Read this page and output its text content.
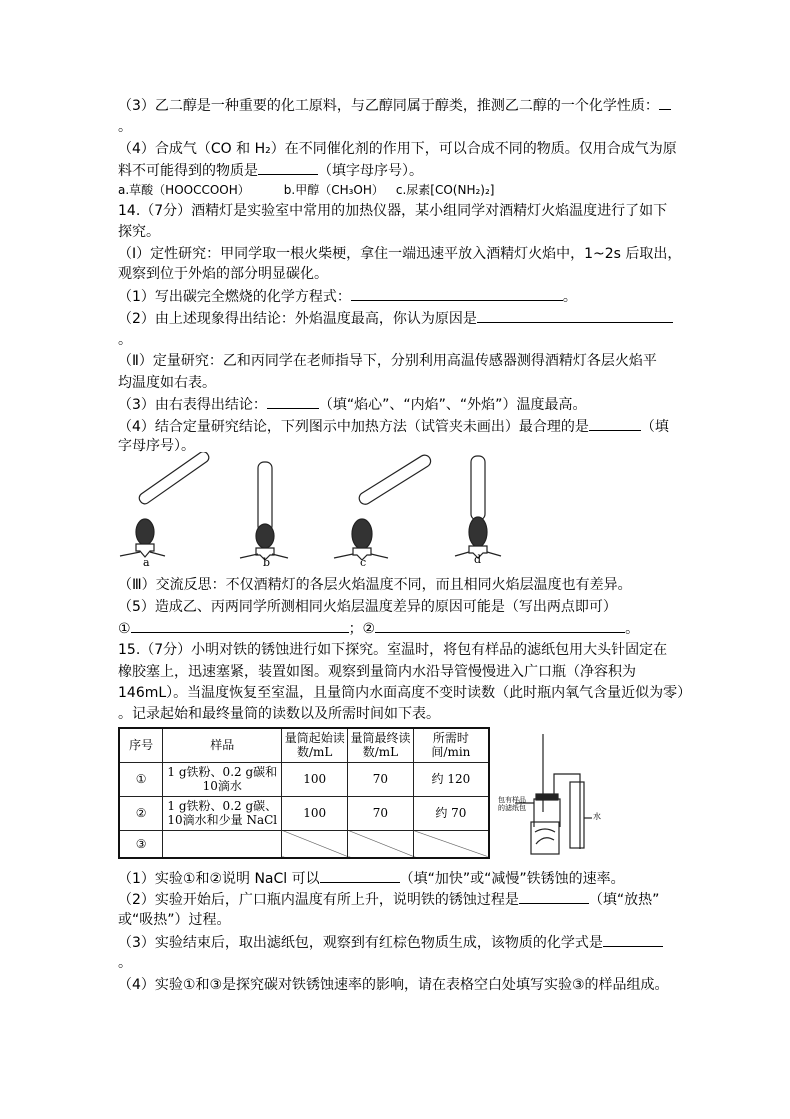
（3）乙二醇是一种重要的化工原料，与乙醇同属于醇类，推测乙二醇的一个化学性质：
。
（4）合成气（CO 和 H₂）在不同催化剂的作用下，可以合成不同的物质。仅用合成气为原
料不可能得到的物质是	（填字母序号）。
a.草酸（HOOCCOOH）	b.甲醇（CH₃OH） c.尿素[CO(NH₂)₂]
14.（7分）酒精灯是实验室中常用的加热仪器，某小组同学对酒精灯火焰温度进行了如下
探究。
（Ⅰ）定性研究：甲同学取一根火柴梗，拿住一端迅速平放入酒精灯火焰中，1~2s 后取出，
观察到位于外焰的部分明显碳化。
（1）写出碳完全燃烧的化学方程式：	。
（2）由上述现象得出结论：外焰温度最高，你认为原因是
。
（Ⅱ）定量研究：乙和丙同学在老师指导下，分别利用高温传感器测得酒精灯各层火焰平
均温度如右表。
（3）由右表得出结论：	（填“焰心”、“内焰”、“外焰”）温度最高。
（4）结合定量研究结论，下列图示中加热方法（试管夹未画出）最合理的是	（填
字母序号）。
a	b	c	d
（Ⅲ）交流反思：不仅酒精灯的各层火焰温度不同，而且相同火焰层温度也有差异。
（5）造成乙、丙两同学所测相同火焰层温度差异的原因可能是（写出两点即可）
①	；②	。
15.（7分）小明对铁的锈蚀进行如下探究。室温时，将包有样品的滤纸包用大头针固定在
橡胶塞上，迅速塞紧，装置如图。观察到量筒内水沿导管慢慢进入广口瓶（净容积为
146mL）。当温度恢复至室温，且量筒内水面高度不变时读数（此时瓶内氧气含量近似为零）
。记录起始和最终量筒的读数以及所需时间如下表。
序号	样品	量筒起始读数/mL	量筒最终读数/mL	所需时间/min
①	1 g铁粉、0.2 g碳和10滴水	100	70	约 120
②	1 g铁粉、0.2 g碳、10滴水和少量 NaCl	100	70	约 70
③				
包有样品的滤纸包
水
（1）实验①和②说明 NaCl 可以	（填“加快”或“减慢”铁锈蚀的速率。
（2）实验开始后，广口瓶内温度有所上升，说明铁的锈蚀过程是	（填“放热”
或“吸热”）过程。
（3）实验结束后，取出滤纸包，观察到有红棕色物质生成，该物质的化学式是
。
（4）实验①和③是探究碳对铁锈蚀速率的影响，请在表格空白处填写实验③的样品组成。
